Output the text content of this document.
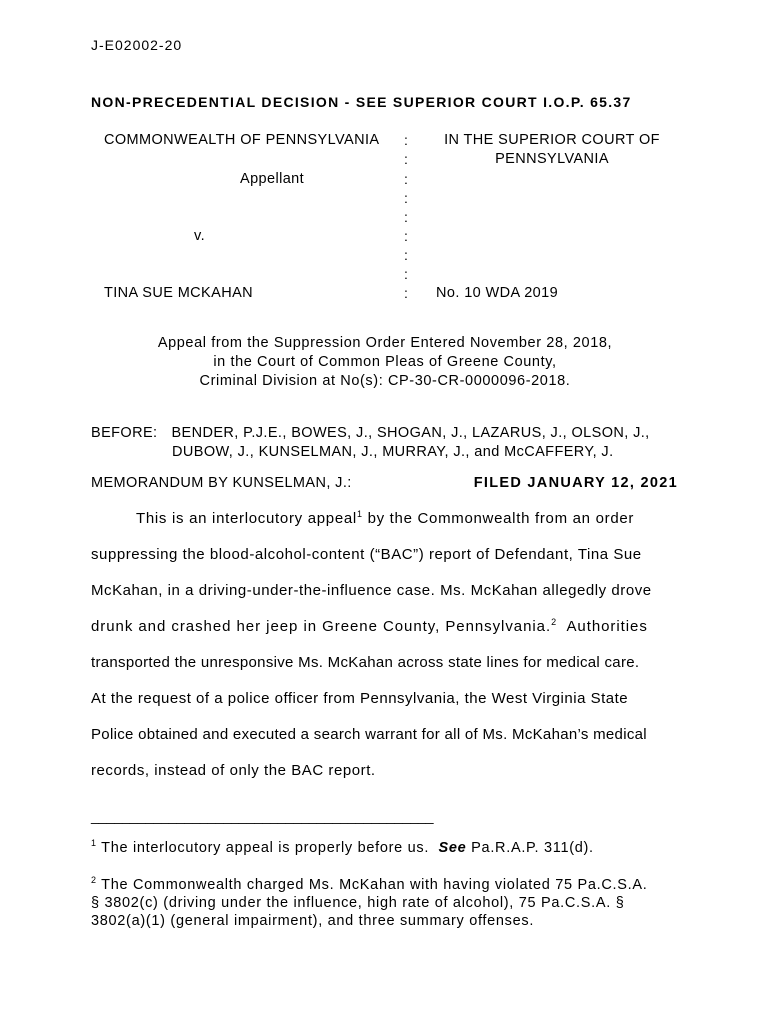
J-E02002-20
NON-PRECEDENTIAL DECISION - SEE SUPERIOR COURT I.O.P. 65.37
COMMONWEALTH OF PENNSYLVANIA
Appellant
v.
TINA SUE MCKAHAN
:
:
:
:
:
:
:
:
:
IN THE SUPERIOR COURT OF
PENNSYLVANIA
No. 10 WDA 2019
Appeal from the Suppression Order Entered November 28, 2018,
in the Court of Common Pleas of Greene County,
Criminal Division at No(s): CP-30-CR-0000096-2018.
BEFORE: BENDER, P.J.E., BOWES, J., SHOGAN, J., LAZARUS, J., OLSON, J.,
DUBOW, J., KUNSELMAN, J., MURRAY, J., and McCAFFERY, J.
MEMORANDUM BY KUNSELMAN, J.:	FILED JANUARY 12, 2021
This is an interlocutory appeal$^1$ by the Commonwealth from an order
suppressing the blood-alcohol-content (“BAC”) report of Defendant, Tina Sue
McKahan, in a driving-under-the-influence case. Ms. McKahan allegedly drove
drunk and crashed her jeep in Greene County, Pennsylvania.$^2$  Authorities
transported the unresponsive Ms. McKahan across state lines for medical care.
At the request of a police officer from Pennsylvania, the West Virginia State
Police obtained and executed a search warrant for all of Ms. McKahan’s medical
records, instead of only the BAC report.
____________________________________________
$^1$ The interlocutory appeal is properly before us.  See Pa.R.A.P. 311(d).
$^2$ The Commonwealth charged Ms. McKahan with having violated 75 Pa.C.S.A.
§ 3802(c) (driving under the influence, high rate of alcohol), 75 Pa.C.S.A. §
3802(a)(1) (general impairment), and three summary offenses.
